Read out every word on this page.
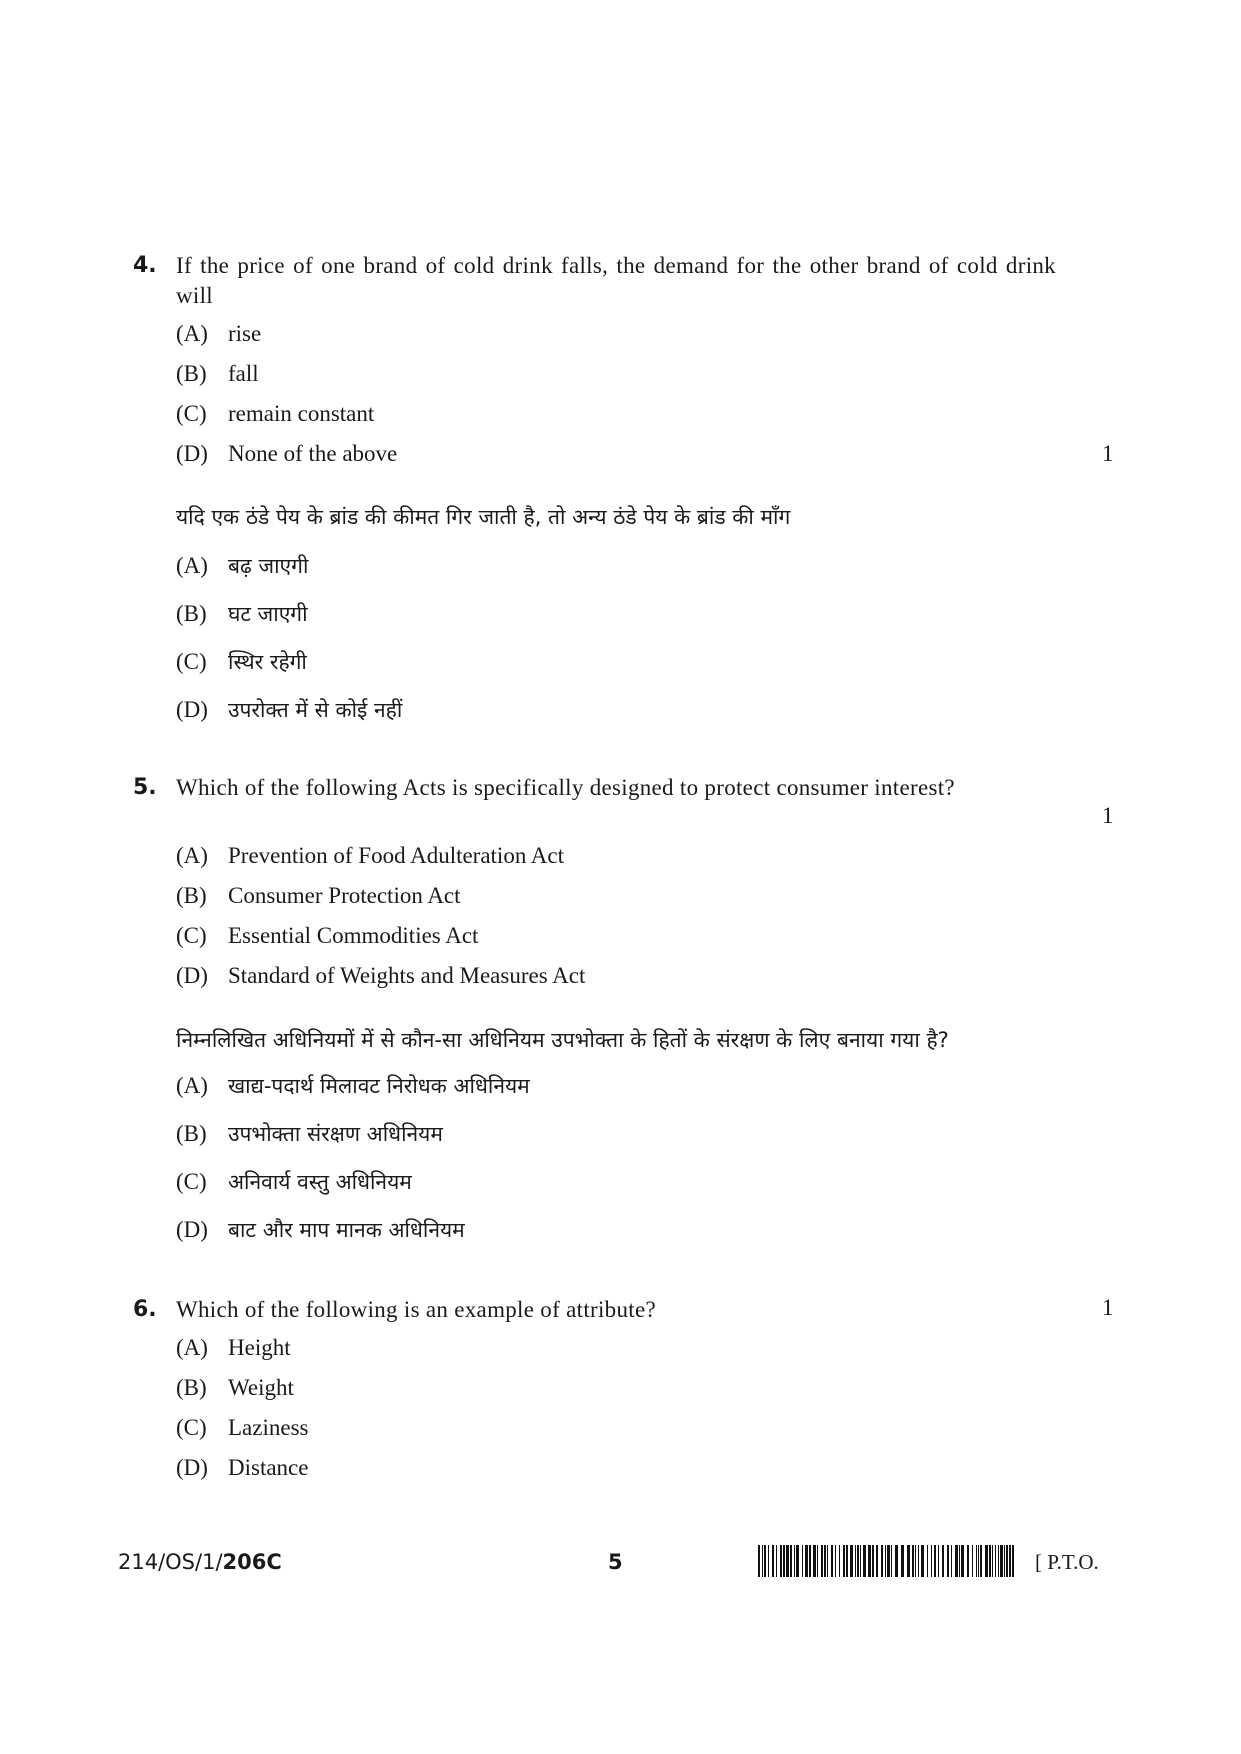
4. If the price of one brand of cold drink falls, the demand for the other brand of cold drink will
(A) rise
(B) fall
(C) remain constant
(D) None of the above	1
यदि एक ठंडे पेय के ब्रांड की कीमत गिर जाती है, तो अन्य ठंडे पेय के ब्रांड की माँग
(A) बढ़ जाएगी
(B) घट जाएगी
(C) स्थिर रहेगी
(D) उपरोक्त में से कोई नहीं
5. Which of the following Acts is specifically designed to protect consumer interest?
1
(A) Prevention of Food Adulteration Act
(B) Consumer Protection Act
(C) Essential Commodities Act
(D) Standard of Weights and Measures Act
निम्नलिखित अधिनियमों में से कौन-सा अधिनियम उपभोक्ता के हितों के संरक्षण के लिए बनाया गया है?
(A) खाद्य-पदार्थ मिलावट निरोधक अधिनियम
(B) उपभोक्ता संरक्षण अधिनियम
(C) अनिवार्य वस्तु अधिनियम
(D) बाट और माप मानक अधिनियम
6. Which of the following is an example of attribute?	1
(A) Height
(B) Weight
(C) Laziness
(D) Distance
214/OS/1/206C	5	[ P.T.O.
